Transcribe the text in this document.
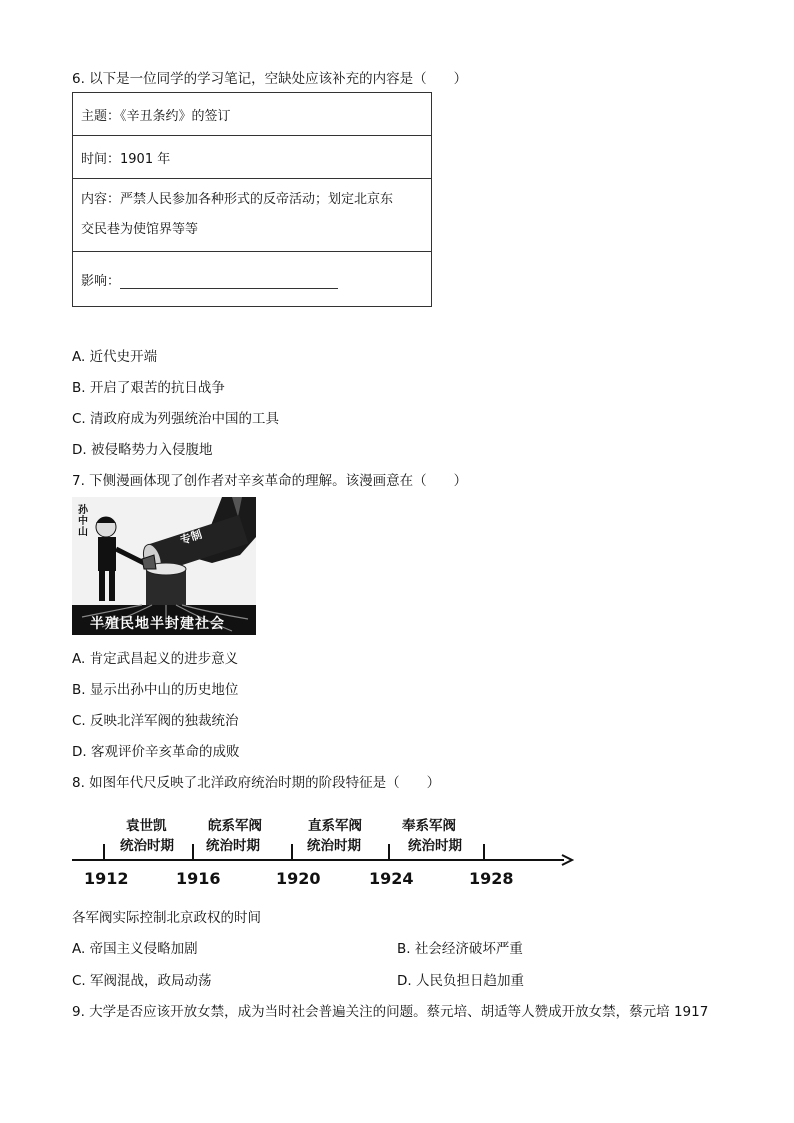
6. 以下是一位同学的学习笔记，空缺处应该补充的内容是（　　）
主题：《辛丑条约》的签订
时间：1901 年

内容：严禁人民参加各种形式的反帝活动；划定北京东
交民巷为使馆界等等

影响：
A. 近代史开端
B. 开启了艰苦的抗日战争
C. 清政府成为列强统治中国的工具
D. 被侵略势力入侵腹地
7. 下侧漫画体现了创作者对辛亥革命的理解。该漫画意在（　　）
孙中山	专制
半殖民地半封建社会
A. 肯定武昌起义的进步意义
B. 显示出孙中山的历史地位
C. 反映北洋军阀的独裁统治
D. 客观评价辛亥革命的成败
8. 如图年代尺反映了北洋政府统治时期的阶段特征是（　　）
袁世凯
统治时期
皖系军阀
统治时期
直系军阀
统治时期
奉系军阀
统治时期
1912	1916	1920	1924	1928
各军阀实际控制北京政权的时间
A. 帝国主义侵略加剧	B. 社会经济破坏严重
C. 军阀混战，政局动荡	D. 人民负担日趋加重
9. 大学是否应该开放女禁，成为当时社会普遍关注的问题。蔡元培、胡适等人赞成开放女禁，蔡元培 1917
